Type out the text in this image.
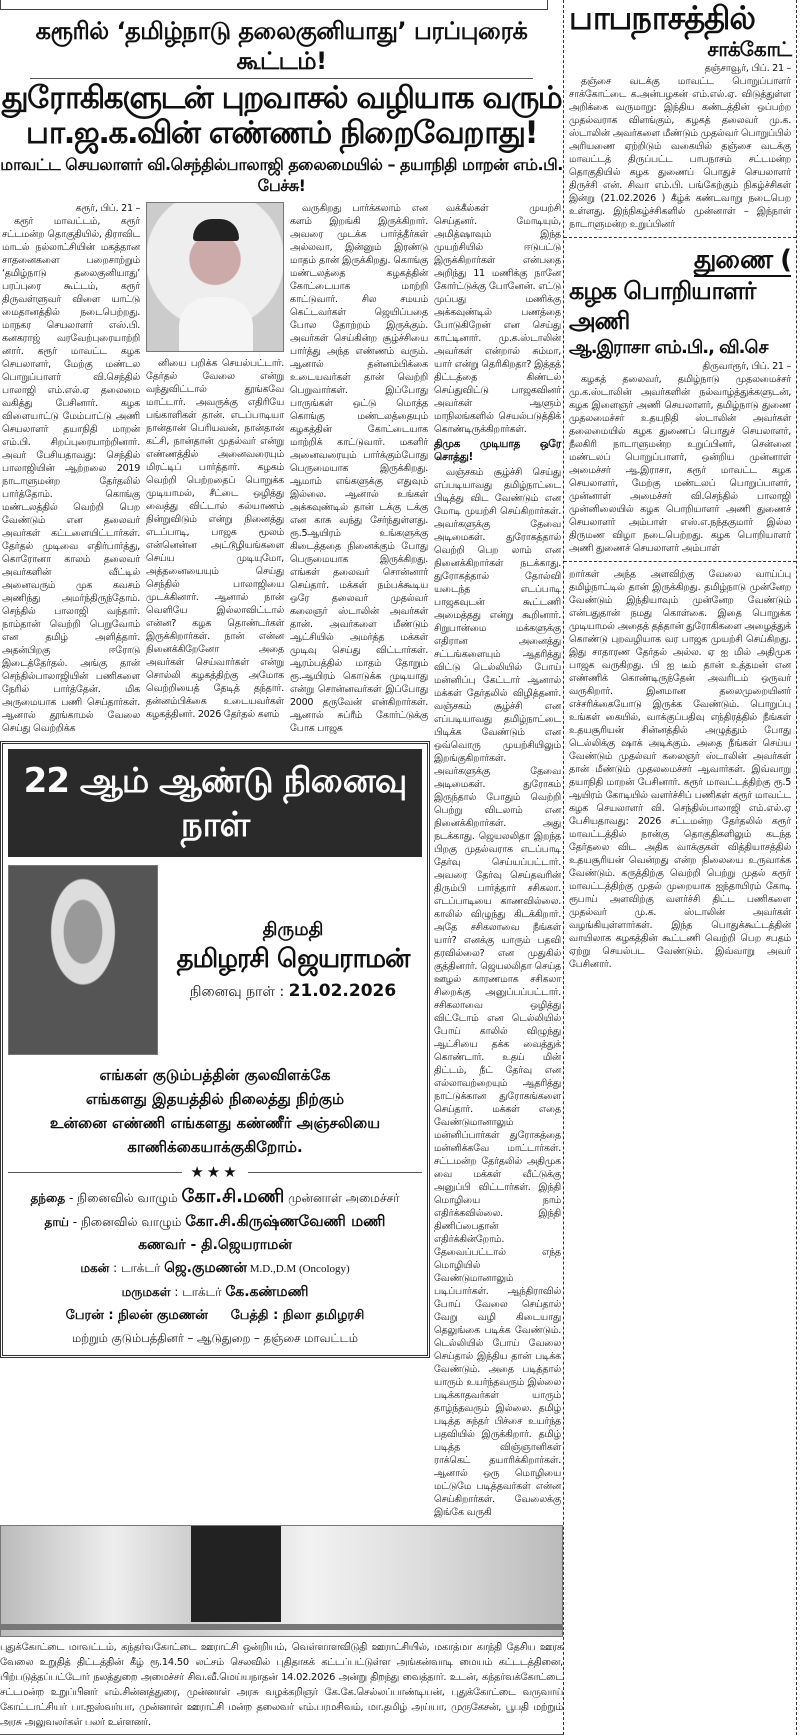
கரூரில் ‘தமிழ்நாடு தலைகுனியாது’ பரப்புரைக் கூட்டம்!
துரோகிகளுடன் புறவாசல் வழியாக வரும் பா.ஜ.க.வின் எண்ணம் நிறைவேறாது!
மாவட்ட செயலாளர் வி.செந்தில்பாலாஜி தலைமையில் – தயாநிதி மாறன் எம்.பி. பேச்சு!

கரூர், பிப். 21 –

கரூர் மாவட்டம், கரூர் சட்டமன்ற தொகுதியில், திராவிட மாடல் நல்லாட்சியின் மகத்தான சாதனைகளை பறைசாற்றும் ‘தமிழ்நாடு தலைகுனியாது’ பரப்புரை கூட்டம், கரூர் திருவள்ளுவர் விளை யாட்டு மைதானத்தில் நடைபெற்றது. மாநகர செயலாளர் எஸ்.பி. கனகராஜ் வரவேற்புரையாற்றி னார். கரூர் மாவட்ட கழக செயலாளர், மேற்கு மண்டல பொறுப்பாளர் வி.செந்தில் பாலாஜி எம்.எல்.ஏ தலைமை வகித்து பேசினார். கழக விளையாட்டு மேம்பாட்டு அணி செயலாளர் தயாநிதி மாறன் எம்.பி. சிறப்புரையாற்றினார். அவர் பேசியதாவது: செந்தில் பாலாஜியின் ஆற்றலை 2019 நாடாளுமன்ற தேர்தலில் பார்த்தோம். கொங்கு மண்டலத்தில் வெற்றி பெற வேண்டும் என தலைவர் அவர்கள் கட்டளையிட்டார்கள். தேர்தல் முடிவை எதிர்பார்த்து, கொரோனா காலம் தலைவர் அவர்களின் வீட்டில் அனைவரும் முக கவசம் அணிந்து அமர்ந்திருந்தோம். செந்தில் பாலாஜி வந்தார். நாம்தான் வெற்றி பெறுவோம் என தமிழ் அளித்தார். அதன்பிறகு ஈரோடு இடைத்தேர்தல். அங்கு தான் செந்தில்பாலாஜியின் பணிகளை நேரில் பார்த்தேன். மிக அருமையாக பணி செய்தார்கள். ஆனால் தூங்காமல் வேலை செய்து வெற்றிக்க

னியை பறிக்க செயல்பட்டார். தேர்தல் வேலை என்று வந்துவிட்டால் தூங்கவே மாட்டார். அவருக்கு எதிரியே பங்காளிகள் தான். எடப்பாடியா நான்தான் பெரியவன், நான்தான் கட்சி, நான்தான் முதல்வர் என்று எண்ணத்தில் அனைவரையும் மிரட்டிப் பார்த்தார். கழகம் வெற்றி பெற்றதைப் பொறுக்க முடியாமல், சீட்டை ஒழித்து வைத்து விட்டால் கல்யாணம் நின்றுவிடும் என்று நினைத்து எடப்பாடி, பாஜக மூலம் என்னென்ன அட்டூழியங்களை செய்ய முடியுமோ, அத்தனையையும் செய்து செந்தில் பாலாஜியை முடக்கினார். ஆனால் நான் வெளியே இல்லாவிட்டால் என்ன? கழக தொண்டர்கள் இருக்கிறார்கள். நான் என்ன நினைக்கிறேனோ அதை அவர்கள் செய்வார்கள் என்று சொல்லி கழகத்திற்கு அமோக வெற்றியைத் தேடித் தந்தார். தன்னம்பிக்கை உடையவர்கள் கழகத்தினர். 2026 தேர்தல் களம்

வருகிறது பார்க்கலாம் என களம் இறங்கி இருக்கிறார். அவரை முடக்க பார்த்தீர்கள் அல்லவா, இன்னும் இரண்டு மாதம் தான் இருக்கிறது. கொங்கு மண்டலத்தை கழகத்தின் கோட்டையாக மாற்றி காட்டுவார். சில சமயம் கெட்டவர்கள் ஜெயிப்பதை போல தோற்றம் இருக்கும். அவர்கள் செய்கின்ற சூழ்ச்சியை பார்த்து அந்த எண்ணம் வரும். ஆனால் தன்னம்பிக்கை உடையவர்கள் தான் வெற்றி பெறுவார்கள். இப்போது பாருங்கள் ஒட்டு மொத்த கொங்கு மண்டலத்தையும் கழகத்தின் கோட்டையாக மாற்றிக் காட்டுவார். மகளிர் அனைவரையும் பார்க்கும்போது பெருமையாக இருக்கிறது. ஆமாம் எங்களுக்கு எதுவும் இல்லை. ஆனால் உங்கள் அக்கவுண்டில் தான் டக்கு டக்கு என காசு வந்து சேர்ந்துள்ளது. ரூ.5ஆயிரம் உங்களுக்கு கிடைத்ததை நினைக்கும் போது பெருமையாக இருக்கிறது. எங்கள் தலைவர் சொன்னார் செய்தார். மக்கள் நம்பக்கூடிய ஒரே தலைவர் முதல்வர் கலைஞர் ஸ்டாலின் அவர்கள் தான். அவர்களை மீண்டும் ஆட்சியில் அமர்த்த மக்கள் முடிவு செய்து விட்டார்கள். ஆரம்பத்தில் மாதம் தோறும் ரூ.ஆயிரம் கொடுக்க முடியாது என்று சொன்னவர்கள் இப்போது 2000 தருவேன் என்கிறார்கள். ஆனால் சுப்ரீம் கோர்ட்டுக்கு போக பாஜக

22 ஆம் ஆண்டு நினைவு நாள்
திருமதி
தமிழரசி ஜெயராமன்
நினைவு நாள் : 21.02.2026
எங்கள் குடும்பத்தின் குலவிளக்கே
எங்களது இதயத்தில் நிலைத்து நிற்கும்
உன்னை எண்ணி எங்களது கண்ணீர் அஞ்சலியை
காணிக்கையாக்குகிறோம்.
★★★
தந்தை - நினைவில் வாழும் கோ.சி.மணி முன்னாள் அமைச்சர்
தாய் - நினைவில் வாழும் கோ.சி.கிருஷ்ணவேணி மணி
கணவர் - தி.ஜெயராமன்
மகன் : டாக்டர் ஜெ.குமணன் M.D.,D.M (Oncology)
மருமகள் : டாக்டர் கே.கண்மணி
பேரன் : நிலன் குமணன் பேத்தி : நிலா தமிழரசி
மற்றும் குடும்பத்தினர் – ஆடுதுறை – தஞ்சை மாவட்டம்

வக்கீல்கள் முயற்சி செய்தனர். மோடியும், அமித்ஷாவும் இந்த முயற்சியில் ஈடுபட்டு இருக்கிறார்கள் என்பதை அறிந்து 11 மணிக்கு நானே கோர்ட்டுக்கு போனேன். எட்டு முப்பது மணிக்கு அக்கவுண்டில் பணத்தை போடுகிறேன் என செய்து காட்டினார். மு.க.ஸ்டாலின் அவர்கள் என்றால் சும்மா, யார் என்று தெரிகிறதா? இத்தத் திட்டத்தை கிண்டல் செய்துவிட்டு பாஜகவினர் அவர்கள் ஆளும் மாநிலங்களில் செயல்படுத்திக் கொண்டிருக்கிறார்கள்.

திமுக முடியாத ஒரே சொத்து!

வஞ்சகம் சூழ்ச்சி செய்து எப்படியாவது தமிழ்நாட்டை பிடித்து விட வேண்டும் என மோடி முயற்சி செய்கிறார்கள். அவர்களுக்கு தேவை அடிமைகள். துரோகத்தால் வெற்றி பெற லாம் என நினைக்கிறார்கள் நடக்காது. துரோகத்தால் தோல்வி யடைந்த எடப்பாடி பாஜகவுடன் கூட்டணி அமைத்தது என்று கூறினார். சிறுபான்மை மக்களுக்கு எதிரான அனைத்து சட்டங்களையும் ஆதரித்து விட்டு டெல்லியில் போய் மன்னிப்பு கேட்டார் ஆனால் மக்கள் தேர்தலில் விழித்தனர். வஞ்சகம் சூழ்ச்சி என எப்படியாவது தமிழ்நாட்டை பிடிக்க வேண்டும் என ஒவ்வொரு முயற்சியிலும் இறங்குகிறார்கள். அவர்களுக்கு தேவை அடிமைகள். துரோகம் இருந்தால் போதும் வெற்றி பெற்று விடலாம் என நினைக்கிறார்கள். அது நடக்காது. ஜெயலலிதா இறந்த பிறகு முதல்வராக எடப்பாடி தேர்வு செய்யப்பட்டார். அவரை தேர்வு செய்தவரின் திரும்பி பார்த்தார் சசிகலா. எடப்பாடியை காணவில்லை. காலில் விழுந்து கிடக்கிறார். அதே சசிகலாவை நீங்கள் யார்? எனக்கு யாரும் பதவி தரவில்லை? என முதுகில் குத்தினார். ஜெயலலிதா செய்த ஊழல் காரணமாக சசிகலா சிறைக்கு அனுப்பப்பட்டார். சசிகலாவை ஒழித்து விட்டோம் என டெல்லியில் போய் காலில் விழுந்து ஆட்சியை தக்க வைத்துக் கொண்டார். உதய் மின் திட்டம், நீட் தேர்வு என எல்லாவற்றையும் ஆதரித்து நாட்டுக்கான துரோகங்களை செய்தார். மக்கள் எதை வேண்டுமானாலும் மன்னிப்பார்கள் துரோகத்தை மன்னிக்கவே மாட்டார்கள். சட்டமன்ற தேர்தலில் அதிமுக வை மக்கள் வீட்டுக்கு அனுப்பி விட்டார்கள். இந்தி மொழியை நாம் எதிர்க்கவில்லை. இந்தி திணிப்பைதான் எதிர்க்கின்றோம். தேவைப்பட்டால் எந்த மொழியில் வேண்டுமானாலும் படிப்பார்கள். ஆந்திராவில் போய் வேலை செய்தால் வேறு வழி கிடையாது தெலுங்கை படிக்க வேண்டும். டெல்லியில் போய் வேலை செய்தால் இந்திய தான் படிக்க வேண்டும். அதை படித்தால் யாரும் உயர்ந்தவரும் இல்லை படிக்காதவர்கள் யாரும் தாழ்ந்தவரும் இல்லை. தமிழ் படித்த சுந்தர் பிச்சை உயர்ந்த பதவியில் இருக்கிறார். தமிழ் படித்த விஞ்ஞானிகள் ராக்கெட் தயாரிக்கிறார்கள். ஆனால் ஒரு மொழியை மட்டுமே படித்தவர்கள் என்ன செய்கிறார்கள். வேலைக்கு இங்கே வருகி

புதுக்கோட்டை மாவட்டம், கந்தர்வகோட்டை ஊராட்சி ஒன்றியம், வெள்ளாளவிடுதி ஊராட்சியில், மகாத்மா காந்தி தேசிய ஊரக வேலை உறுதித் திட்டத்தின் கீழ் ரூ.14.50 லட்சம் செலவில் புதிதாகக் கட்டப்பட்டுள்ள அங்கன்வாடி மையம் கட்டடத்தினை, பிற்படுத்தப்பட்டோர் நலத்துறை அமைச்சர் சிவ.வீ.மெய்யநாதன் 14.02.2026 அன்று திறந்து வைத்தார். உடன், கந்தர்வக்கோட்டை சட்டமன்ற உறுப்பினர் எம்.சின்னத்துரை, முன்னாள் அரசு வழக்கறிஞர் கே.கே.செல்லப்பாண்டியன், புதுக்கோட்டை வருவாய் கோட்டாட்சியர் பா.ஐஸ்வர்யா, முன்னாள் ஊராட்சி மன்ற தலைவர் எம்.பரமசிவம், மா.தமிழ் அய்யா, முருகேசன், பூபதி மற்றும் அரசு அலுவலர்கள் பலர் உள்ளனர்.
பாபநாசத்தில்
சாக்கோட்

தஞ்சாவூர், பிப். 21 –

தஞ்சை வடக்கு மாவட்ட பொறுப்பாளர் சாக்கோட்டை க.அன்பழகன் எம்.எல்.ஏ. விடுத்துள்ள அறிக்கை வருமாறு: இந்திய கண்டத்தின் ஒப்பற்ற முதல்வராக விளங்கும், கழகத் தலைவர் மு.க. ஸ்டாலின் அவர்களை மீண்டும் முதல்வர் பொறுப்பில் அரியணை ஏற்றிடும் வகையில் தஞ்சை வடக்கு மாவட்டத் திருப்பட்ட பாபநாசம் சட்டமன்ற தொகுதியில் கழக துணைப் பொதுச் செயலாளர் திருச்சி என். சிவா எம்.பி. பங்கேற்கும் நிகழ்ச்சிகள் இன்று (21.02.2026 ) கீழ்க் கண்டவாறு நடைபெற உள்ளது. இந்நிகழ்ச்சிகளில் முன்னாள் – இந்நாள் நாடாளுமன்ற உறுப்பினர்

துணை (
கழக பொறியாளர் அணி
ஆ.இராசா எம்.பி., வி.செ

திருவாரூர், பிப். 21 –

கழகத் தலைவர், தமிழ்நாடு முதலமைச்சர் மு.க.ஸ்டாலின் அவர்களின் நல்வாழ்த்துக்களுடன், கழக இளைஞர் அணி செயலாளர், தமிழ்நாடு துணை முதலமைச்சர் உதயநிதி ஸ்டாலின் அவர்கள் தலைமையில் கழக துணைப் பொதுச் செயலாளர், நீலகிரி நாடாளுமன்ற உறுப்பினர், சென்னை மண்டலப் பொறுப்பாளர், ஒன்றிய முன்னாள் அமைச்சர் ஆ.இராசா, கரூர் மாவட்ட கழக செயலாளர், மேற்கு மண்டலப் பொறுப்பாளர், முன்னாள் அமைச்சர் வி.செந்தில் பாலாஜி முன்னிலையில் கழக பொறியாளர் அணி துணைச் செயலாளர் அம்பாள் எஸ்.எ.நந்தகுமார் இல்ல திருமண விழா நடைபெற்றது. கழக பொறியாளர் அணி துணைச் செயலாளர் அம்பாள்

றார்கள் அந்த அளவிற்கு வேலை வாய்ப்பு தமிழ்நாட்டில் தான் இருக்கிறது. தமிழ்நாடு முன்னேற வேண்டும் இந்தியாவும் முன்னேற வேண்டும் என்பதுதான் நமது கொள்கை. இதை பொறுக்க முடியாமல் அதைத் தத்தான் துரோகிகளை அழைத்துக் கொண்டு புறவழியாக வர பாஜக முயற்சி செய்கிறது. இது சாதாரண தேர்தல் அல்ல. ஏ ஐ மில் அதிமுக பாஜக வருகிறது. பி ஐ டீம் தான் உத்தமன் என எண்ணிக் கொண்டிருந்தேன் அவரிடம் ஒருவர் வருகிறார். இனமான தலைமுறையினர் எச்சரிக்கையோடு இருக்க வேண்டும். பொறுப்பு உங்கள் கையில், வாக்குப்பதிவு எந்திரத்தில் நீங்கள் உதயசூரியன் சின்னத்தில் அழுத்தும் போது டெல்லிக்கு ஷாக் அடிக்கும். அதை நீங்கள் செய்ய வேண்டும் முதல்வர் கலைஞர் ஸ்டாலின் அவர்கள் தான் மீண்டும் முதலமைச்சர் ஆவார்கள். இவ்வாறு தயாநிதி மாறன் பேசினார். கரூர் மாவட்டத்திற்கு ரூ.5 ஆயிரம் கோடியில் வளர்ச்சிப் பணிகள் கரூர் மாவட்ட கழக செயலாளர் வி. செந்தில்பாலாஜி எம்.எல்.ஏ பேசியதாவது: 2026 சட்டமன்ற தேர்தலில் கரூர் மாவட்டத்தில் நான்கு தொகுதிகளிலும் கடந்த தேர்தலை விட அதிக வாக்குகள் வித்தியாசத்தில் உதயசூரியன் வென்றது என்ற நிலையை உருவாக்க வேண்டும். கருத்திற்கு வெற்றி பெற்று முதல் கரூர் மாவட்டத்திற்கு முதல் முறையாக ஐந்தாயிரம் கோடி ரூபாய் அளவிற்கு வளர்ச்சி திட்ட பணிகளை முதல்வர் மு.க. ஸ்டாலின் அவர்கள் வழங்கியுள்ளார்கள். இந்த பொதுக்கூட்டத்தின் வாயிலாக கழகத்தின் கூட்டணி வெற்றி பெற சபதம் ஏற்று செயல்பட வேண்டும். இவ்வாறு அவர் பேசினார்.
